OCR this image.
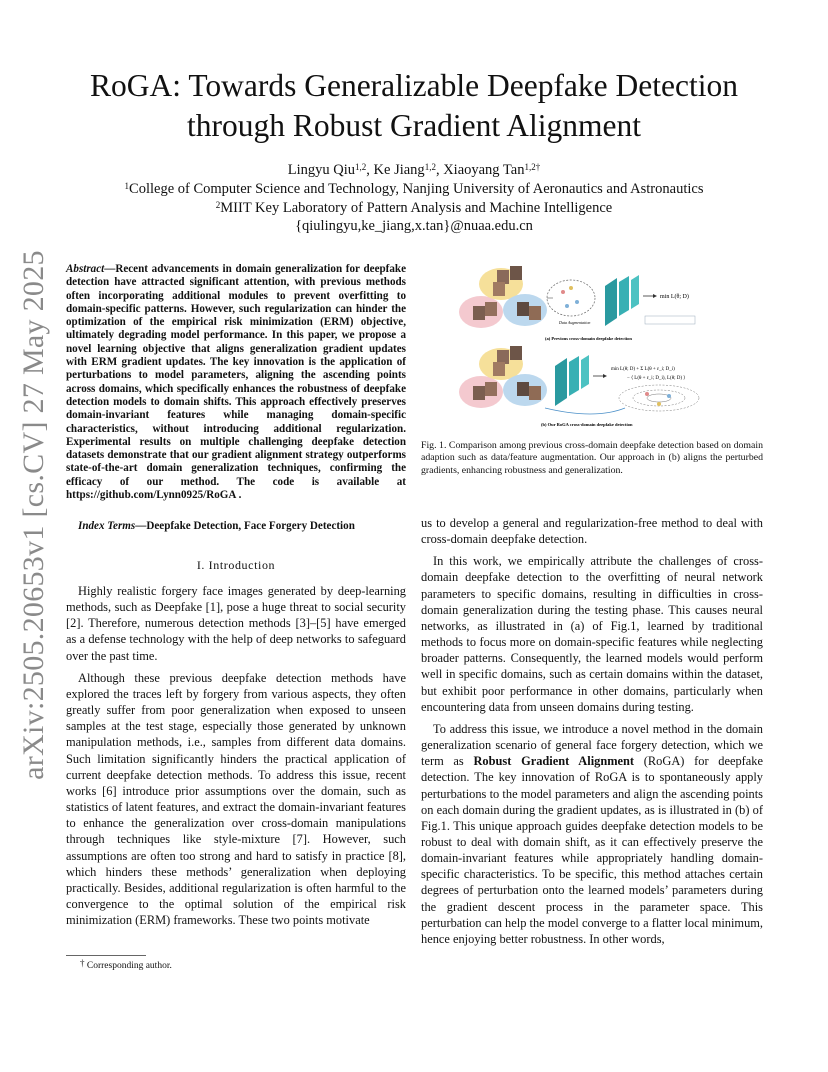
arXiv:2505.20653v1 [cs.CV] 27 May 2025
RoGA: Towards Generalizable Deepfake Detection
through Robust Gradient Alignment
Lingyu Qiu$^{1,2}$, Ke Jiang$^{1,2}$, Xiaoyang Tan$^{1,2\dagger}$
$^1$College of Computer Science and Technology, Nanjing University of Aeronautics and Astronautics
$^2$MIIT Key Laboratory of Pattern Analysis and Machine Intelligence
{qiulingyu,ke_jiang,x.tan}@nuaa.edu.cn
Abstract—Recent advancements in domain generalization for deepfake detection have attracted significant attention, with previous methods often incorporating additional modules to prevent overfitting to domain-specific patterns. However, such regularization can hinder the optimization of the empirical risk minimization (ERM) objective, ultimately degrading model performance. In this paper, we propose a novel learning objective that aligns generalization gradient updates with ERM gradient updates. The key innovation is the application of perturbations to model parameters, aligning the ascending points across domains, which specifically enhances the robustness of deepfake detection models to domain shifts. This approach effectively preserves domain-invariant features while managing domain-specific characteristics, without introducing additional regularization. Experimental results on multiple challenging deepfake detection datasets demonstrate that our gradient alignment strategy outperforms state-of-the-art domain generalization techniques, confirming the efficacy of our method. The code is available at https://github.com/Lynn0925/RoGA .
Index Terms—Deepfake Detection, Face Forgery Detection
I. Introduction

Highly realistic forgery face images generated by deep-learning methods, such as Deepfake [1], pose a huge threat to social security [2]. Therefore, numerous detection methods [3]–[5] have emerged as a defense technology with the help of deep networks to safeguard over the past time.

Although these previous deepfake detection methods have explored the traces left by forgery from various aspects, they often greatly suffer from poor generalization when exposed to unseen samples at the test stage, especially those generated by unknown manipulation methods, i.e., samples from different data domains. Such limitation significantly hinders the practical application of current deepfake detection methods. To address this issue, recent works [6] introduce prior assumptions over the domain, such as statistics of latent features, and extract the domain-invariant features to enhance the generalization over cross-domain manipulations through techniques like style-mixture [7]. However, such assumptions are often too strong and hard to satisfy in practice [8], which hinders these methods’ generalization when deploying practically. Besides, additional regularization is often harmful to the convergence to the optimal solution of the empirical risk minimization (ERM) frameworks. These two points motivate

† Corresponding author.
Data Augmentation
min L(θ; D)
(a) Previous cross-domain deepfake detection
min L(θ; D) + Σ L(θ + ε_i; D_i)
− ⟨ L(θ + ε_i; D_i), L(θ; D) ⟩
(b) Our RoGA cross-domain deepfake detection
Fig. 1. Comparison among previous cross-domain deepfake detection based on domain adaption such as data/feature augmentation. Our approach in (b) aligns the perturbed gradients, enhancing robustness and generalization.

us to develop a general and regularization-free method to deal with cross-domain deepfake detection.

In this work, we empirically attribute the challenges of cross-domain deepfake detection to the overfitting of neural network parameters to specific domains, resulting in difficulties in cross-domain generalization during the testing phase. This causes neural networks, as illustrated in (a) of Fig.1, learned by traditional methods to focus more on domain-specific features while neglecting broader patterns. Consequently, the learned models would perform well in specific domains, such as certain domains within the dataset, but exhibit poor performance in other domains, particularly when encountering data from unseen domains during testing.

To address this issue, we introduce a novel method in the domain generalization scenario of general face forgery detection, which we term as Robust Gradient Alignment (RoGA) for deepfake detection. The key innovation of RoGA is to spontaneously apply perturbations to the model parameters and align the ascending points on each domain during the gradient updates, as is illustrated in (b) of Fig.1. This unique approach guides deepfake detection models to be robust to deal with domain shift, as it can effectively preserve the domain-invariant features while appropriately handling domain-specific characteristics. To be specific, this method attaches certain degrees of perturbation onto the learned models’ parameters during the gradient descent process in the parameter space. This perturbation can help the model converge to a flatter local minimum, hence enjoying better robustness. In other words,
